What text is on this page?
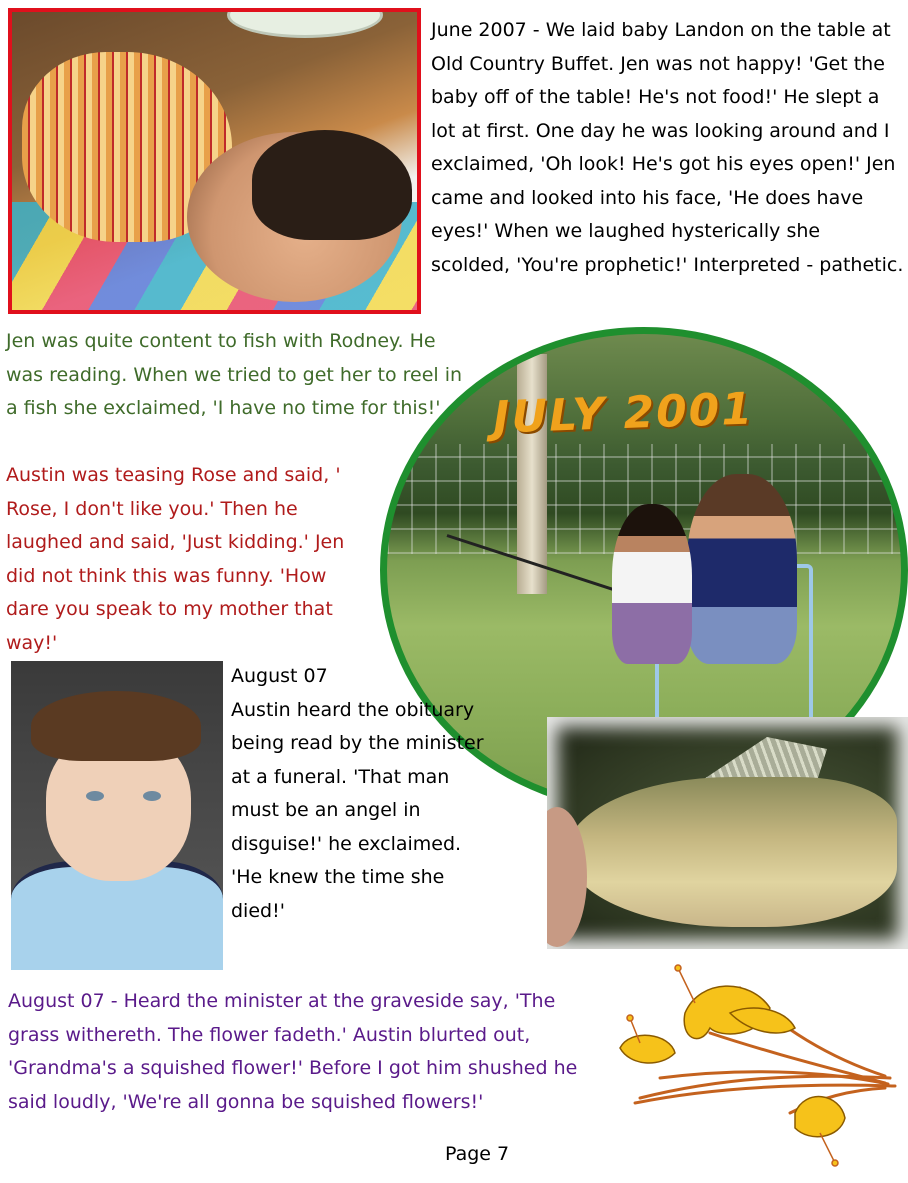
June 2007 - We laid baby Landon on the table at Old Country Buffet. Jen was not happy! 'Get the baby off of the table! He's not food!' He slept a lot at first. One day he was looking around and I exclaimed, 'Oh look! He's got his eyes open!' Jen came and looked into his face, 'He does have eyes!' When we laughed hysterically she scolded, 'You're prophetic!' Interpreted - pathetic.
Jen was quite content to fish with Rodney. He was reading. When we tried to get her to reel in a fish she exclaimed, 'I have no time for this!'
Austin was teasing Rose and said, ' Rose, I don't like you.' Then he laughed and said, 'Just kidding.' Jen did not think this was funny. 'How dare you speak to my mother that way!'
JULY 2001
August 07
Austin heard the obituary being read by the minister at a funeral. 'That man must be an angel in disguise!' he exclaimed. 'He knew the time she died!'
August 07 - Heard the minister at the graveside say, 'The grass withereth. The flower fadeth.' Austin blurted out, 'Grandma's a squished flower!' Before I got him shushed he said loudly, 'We're all gonna be squished flowers!'
Page 7
